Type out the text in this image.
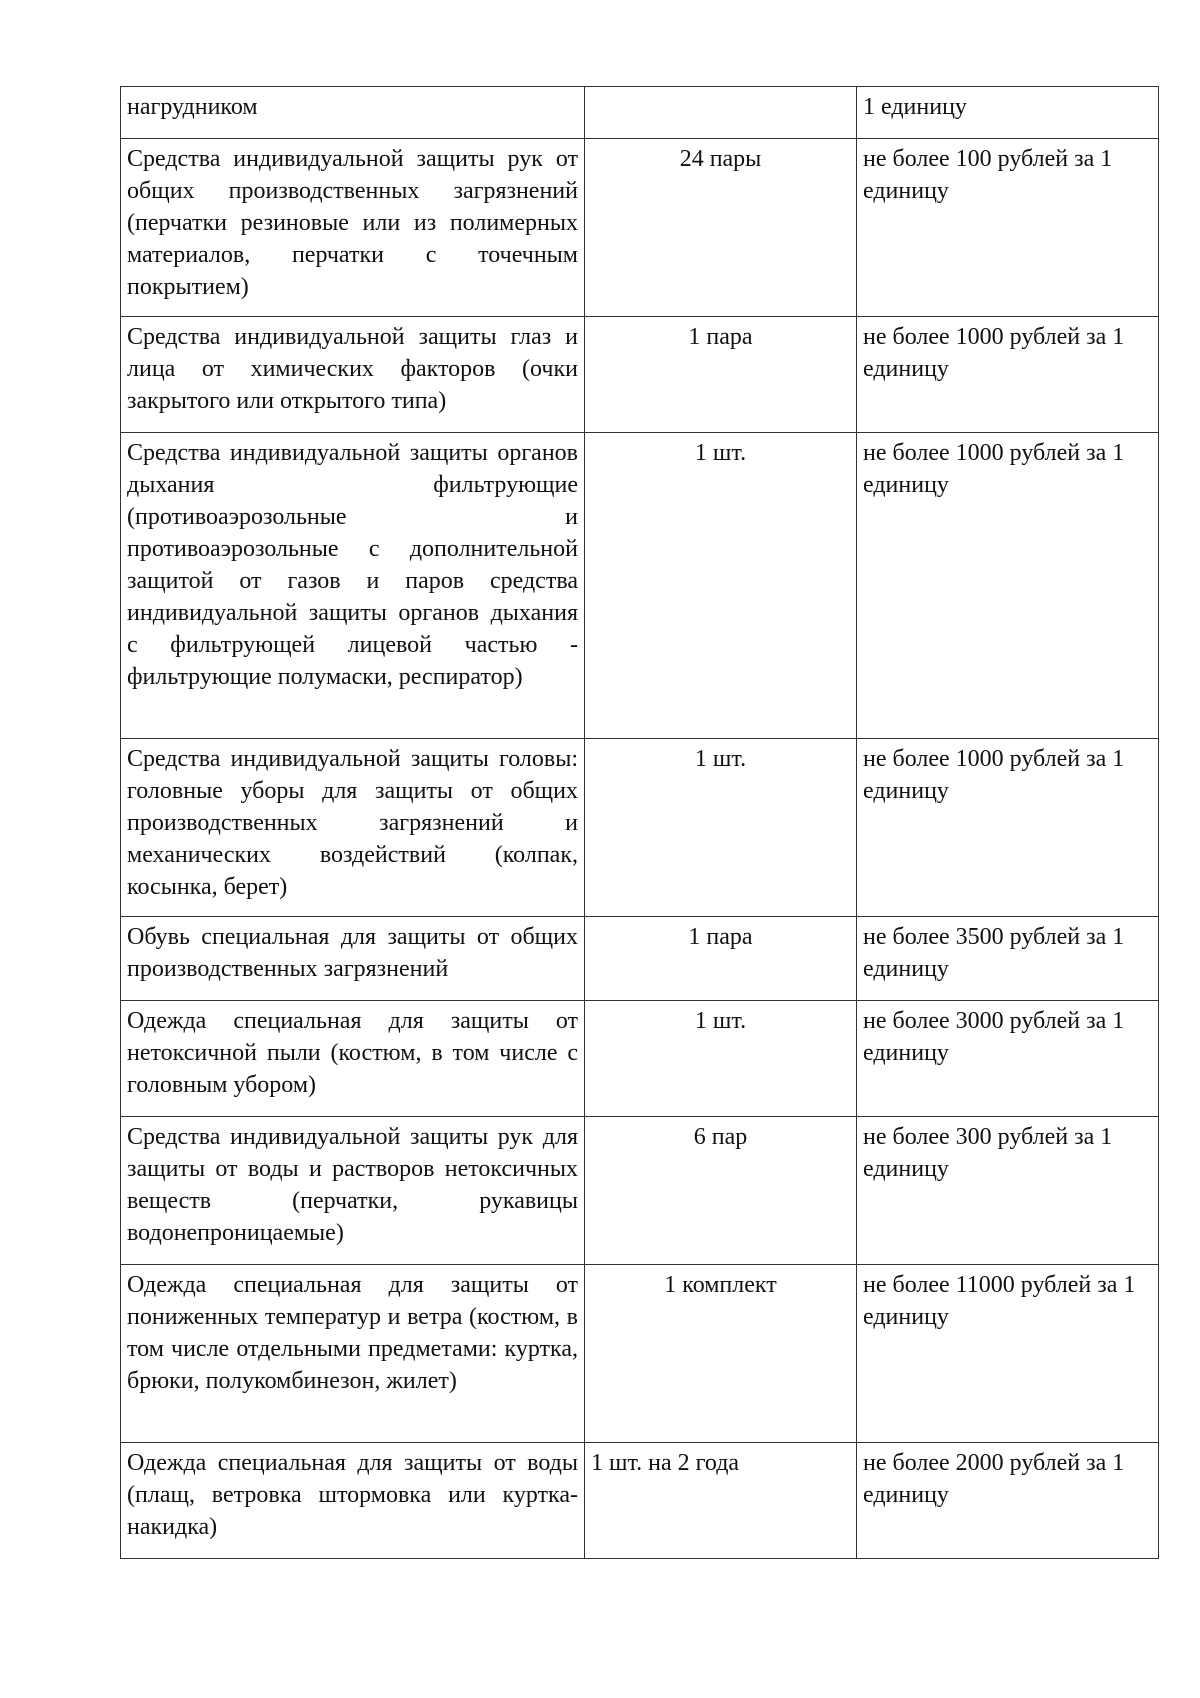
нагрудником		1 единицу
Средства индивидуальной защиты рук от общих производственных загрязнений (перчатки резиновые или из полимерных материалов, перчатки с точечным покрытием)	24 пары	не более 100 рублей за 1 единицу
Средства индивидуальной защиты глаз и лица от химических факторов (очки закрытого или открытого типа)	1 пара	не более 1000 рублей за 1 единицу
Средства индивидуальной защиты органов дыхания фильтрующие (противоаэрозольные и противоаэрозольные с дополнительной защитой от газов и паров средства индивидуальной защиты органов дыхания с фильтрующей лицевой частью - фильтрующие полумаски, респиратор)	1 шт.	не более 1000 рублей за 1 единицу
Средства индивидуальной защиты головы: головные уборы для защиты от общих производственных загрязнений и механических воздействий (колпак, косынка, берет)	1 шт.	не более 1000 рублей за 1 единицу
Обувь специальная для защиты от общих производственных загрязнений	1 пара	не более 3500 рублей за 1 единицу
Одежда специальная для защиты от нетоксичной пыли (костюм, в том числе с головным убором)	1 шт.	не более 3000 рублей за 1 единицу
Средства индивидуальной защиты рук для защиты от воды и растворов нетоксичных веществ (перчатки, рукавицы водонепроницаемые)	6 пар	не более 300 рублей за 1 единицу
Одежда специальная для защиты от пониженных температур и ветра (костюм, в том числе отдельными предметами: куртка, брюки, полукомбинезон, жилет)	1 комплект	не более 11000 рублей за 1 единицу
Одежда специальная для защиты от воды (плащ, ветровка штормовка или куртка-накидка)	1 шт. на 2 года	не более 2000 рублей за 1 единицу
